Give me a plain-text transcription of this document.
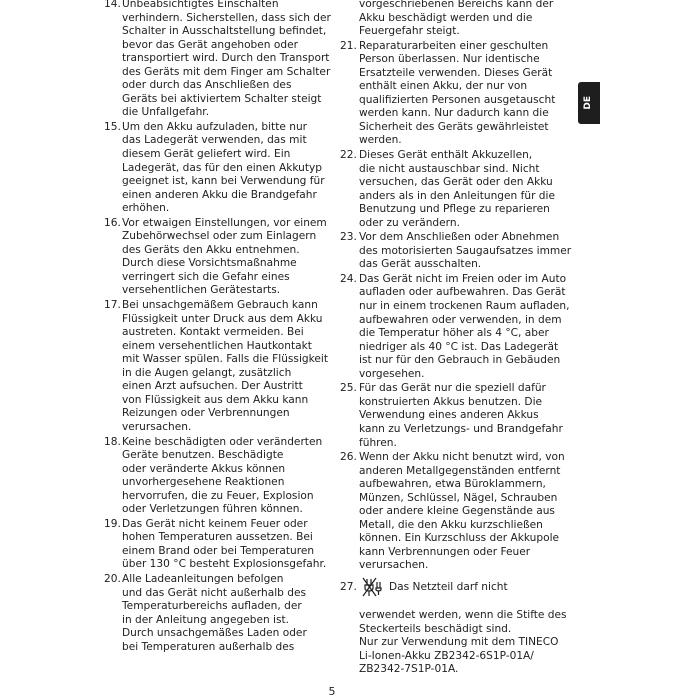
14. Unbeabsichtigtes Einschalten
verhindern. Sicherstellen, dass sich der
Schalter in Ausschaltstellung befindet,
bevor das Gerät angehoben oder
transportiert wird. Durch den Transport
des Geräts mit dem Finger am Schalter
oder durch das Anschließen des
Geräts bei aktiviertem Schalter steigt
die Unfallgefahr.
15. Um den Akku aufzuladen, bitte nur
das Ladegerät verwenden, das mit
diesem Gerät geliefert wird. Ein
Ladegerät, das für den einen Akkutyp
geeignet ist, kann bei Verwendung für
einen anderen Akku die Brandgefahr
erhöhen.
16. Vor etwaigen Einstellungen, vor einem
Zubehörwechsel oder zum Einlagern
des Geräts den Akku entnehmen.
Durch diese Vorsichtsmaßnahme
verringert sich die Gefahr eines
versehentlichen Gerätestarts.
17. Bei unsachgemäßem Gebrauch kann
Flüssigkeit unter Druck aus dem Akku
austreten. Kontakt vermeiden. Bei
einem versehentlichen Hautkontakt
mit Wasser spülen. Falls die Flüssigkeit
in die Augen gelangt, zusätzlich
einen Arzt aufsuchen. Der Austritt
von Flüssigkeit aus dem Akku kann
Reizungen oder Verbrennungen
verursachen.
18. Keine beschädigten oder veränderten
Geräte benutzen. Beschädigte
oder veränderte Akkus können
unvorhergesehene Reaktionen
hervorrufen, die zu Feuer, Explosion
oder Verletzungen führen können.
19. Das Gerät nicht keinem Feuer oder
hohen Temperaturen aussetzen. Bei
einem Brand oder bei Temperaturen
über 130 °C besteht Explosionsgefahr.
20. Alle Ladeanleitungen befolgen
und das Gerät nicht außerhalb des
Temperaturbereichs aufladen, der
in der Anleitung angegeben ist.
Durch unsachgemäßes Laden oder
bei Temperaturen außerhalb des
vorgeschriebenen Bereichs kann der
Akku beschädigt werden und die
Feuergefahr steigt.
21. Reparaturarbeiten einer geschulten
Person überlassen. Nur identische
Ersatzteile verwenden. Dieses Gerät
enthält einen Akku, der nur von
qualifizierten Personen ausgetauscht
werden kann. Nur dadurch kann die
Sicherheit des Geräts gewährleistet
werden.
22. Dieses Gerät enthält Akkuzellen,
die nicht austauschbar sind. Nicht
versuchen, das Gerät oder den Akku
anders als in den Anleitungen für die
Benutzung und Pflege zu reparieren
oder zu verändern.
23. Vor dem Anschließen oder Abnehmen
des motorisierten Saugaufsatzes immer
das Gerät ausschalten.
24. Das Gerät nicht im Freien oder im Auto
aufladen oder aufbewahren. Das Gerät
nur in einem trockenen Raum aufladen,
aufbewahren oder verwenden, in dem
die Temperatur höher als 4 °C, aber
niedriger als 40 °C ist. Das Ladegerät
ist nur für den Gebrauch in Gebäuden
vorgesehen.
25. Für das Gerät nur die speziell dafür
konstruierten Akkus benutzen. Die
Verwendung eines anderen Akkus
kann zu Verletzungs- und Brandgefahr
führen.
26. Wenn der Akku nicht benutzt wird, von
anderen Metallgegenständen entfernt
aufbewahren, etwa Büroklammern,
Münzen, Schlüssel, Nägel, Schrauben
oder andere kleine Gegenstände aus
Metall, die den Akku kurzschließen
können. Ein Kurzschluss der Akkupole
kann Verbrennungen oder Feuer
verursachen.
27.	Das Netzteil darf nicht
verwendet werden, wenn die Stifte des
Steckerteils beschädigt sind.
Nur zur Verwendung mit dem TINECO
Li-Ionen-Akku ZB2342-6S1P-01A/
ZB2342-7S1P-01A.
DE
5
